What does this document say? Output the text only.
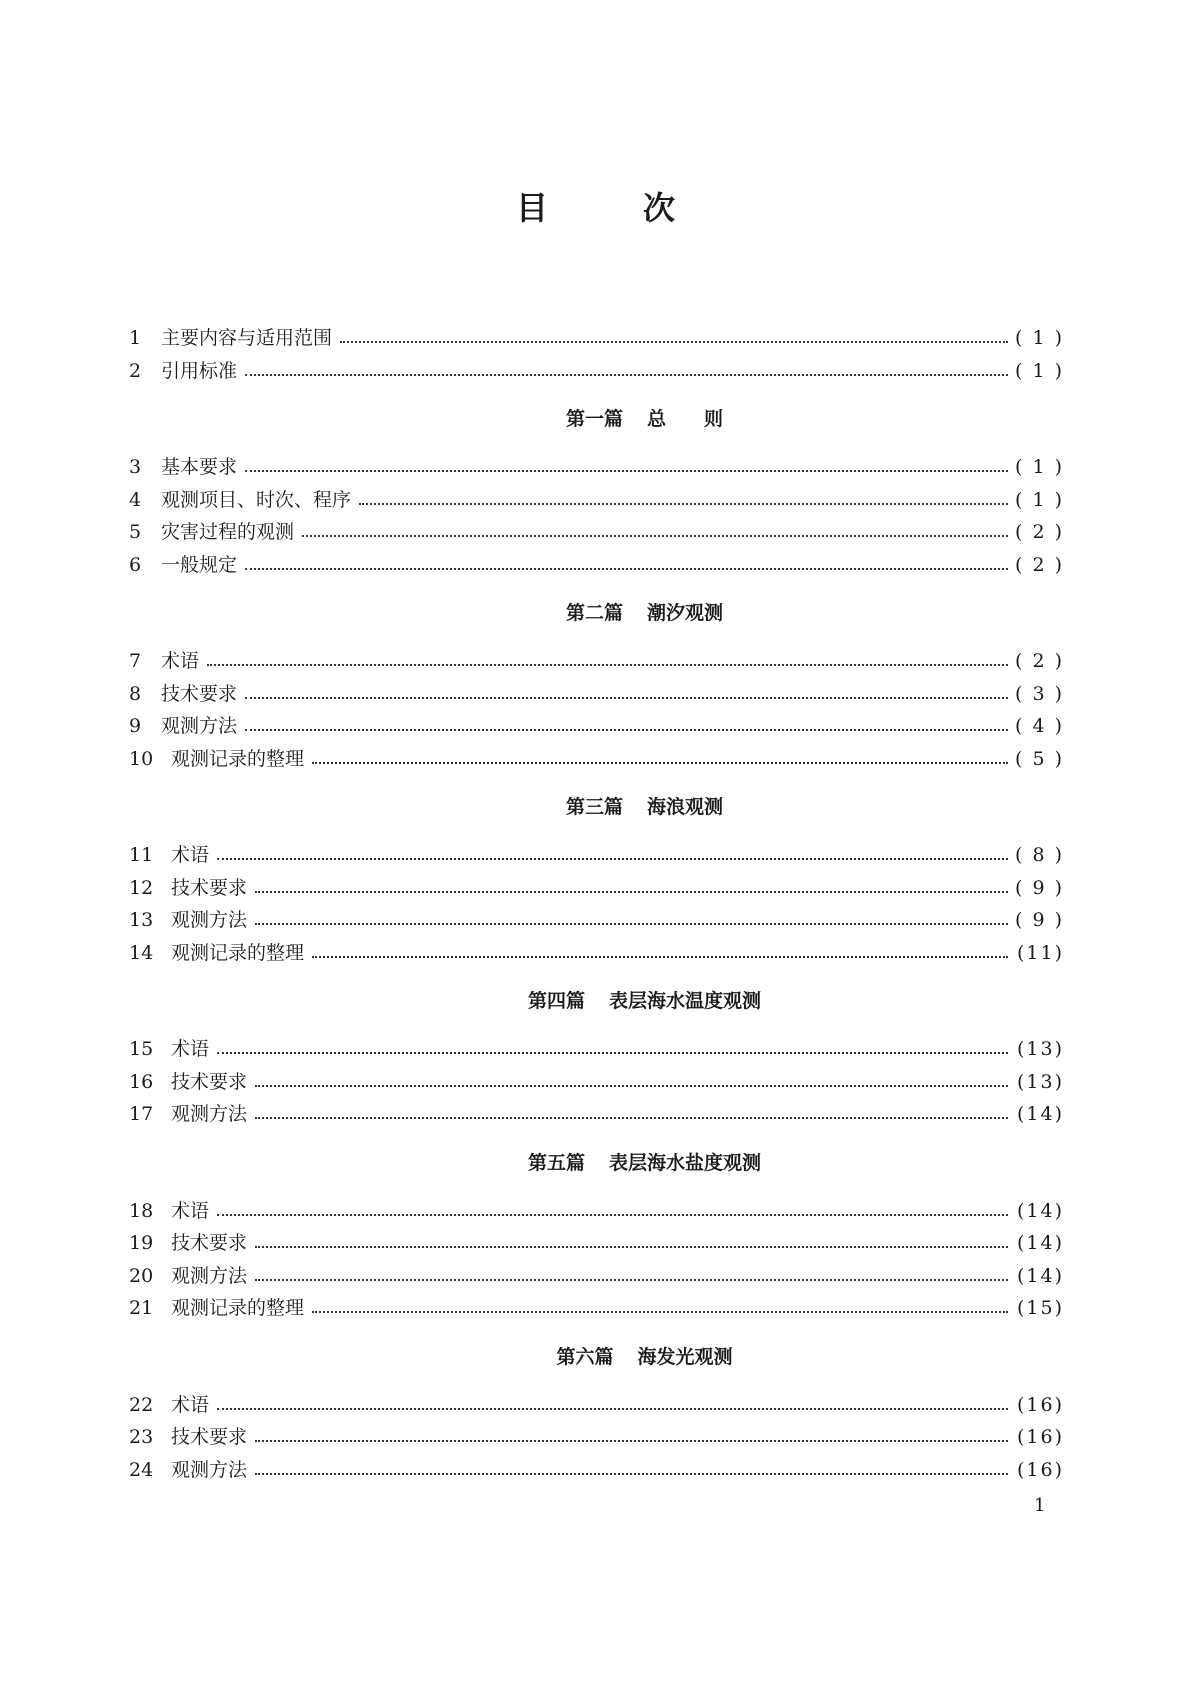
目	次
1	主要内容与适用范围	( 1 )
2	引用标准	( 1 )
第一篇 总　　则
3	基本要求	( 1 )
4	观测项目、时次、程序	( 1 )
5	灾害过程的观测	( 2 )
6	一般规定	( 2 )
第二篇 潮汐观测
7	术语	( 2 )
8	技术要求	( 3 )
9	观测方法	( 4 )
10 观测记录的整理	( 5 )
第三篇 海浪观测
11 术语	( 8 )
12 技术要求	( 9 )
13 观测方法	( 9 )
14 观测记录的整理	(11)
第四篇 表层海水温度观测
15 术语	(13)
16 技术要求	(13)
17 观测方法	(14)
第五篇 表层海水盐度观测
18 术语	(14)
19 技术要求	(14)
20 观测方法	(14)
21 观测记录的整理	(15)
第六篇 海发光观测
22 术语	(16)
23 技术要求	(16)
24 观测方法	(16)
1
